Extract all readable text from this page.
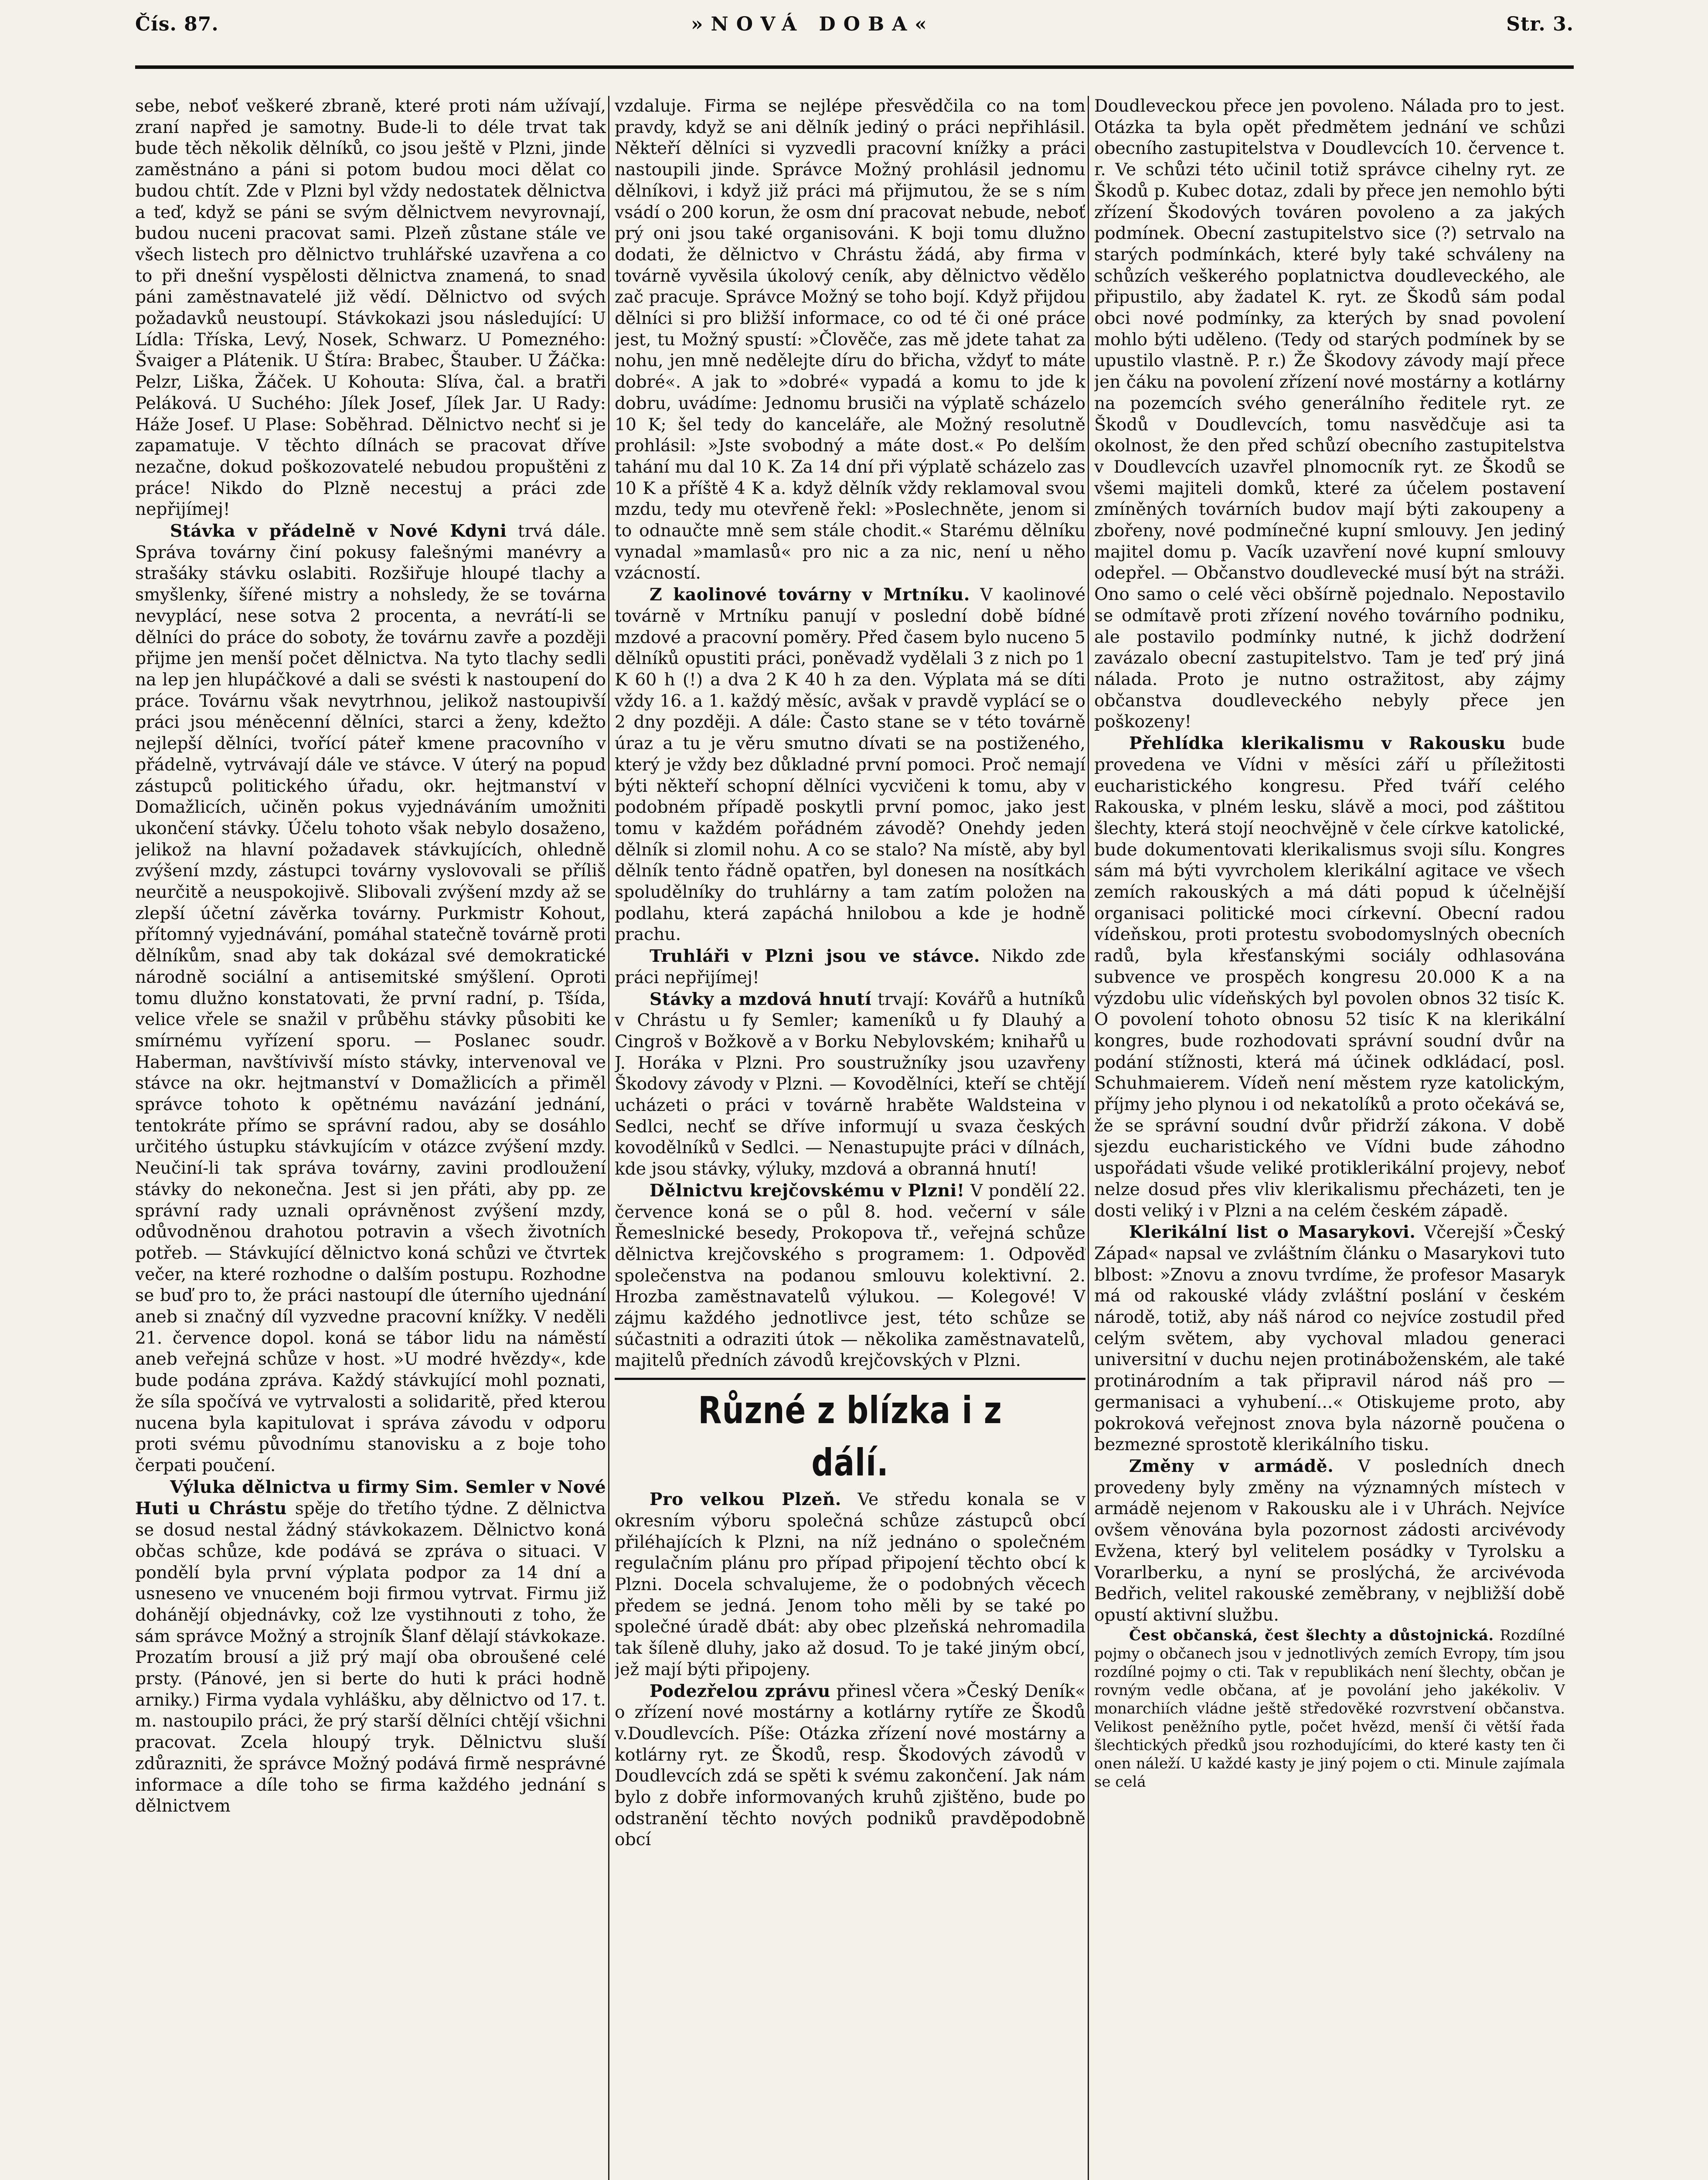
Čís. 87.	»NOVÁ DOBA«	Str. 3.

sebe, neboť veškeré zbraně, které proti nám užívají, zraní napřed je samotny. Bude-li to déle trvat tak bude těch několik dělníků, co jsou ještě v Plzni, jinde zaměstnáno a páni si potom budou moci dělat co budou chtít. Zde v Plzni byl vždy nedostatek dělnictva a teď, když se páni se svým dělnictvem nevyrovnají, budou nuceni pracovat sami. Plzeň zůstane stále ve všech listech pro dělnictvo truhlářské uzavřena a co to při dnešní vyspělosti dělnictva znamená, to snad páni zaměstnavatelé již vědí. Dělnictvo od svých požadavků neustoupí. Stávkokazi jsou následující: U Lídla: Tříska, Levý, Nosek, Schwarz. U Pomezného: Švaiger a Plátenik. U Štíra: Brabec, Štauber. U Žáčka: Pelzr, Liška, Žáček. U Kohouta: Slíva, čal. a bratři Peláková. U Suchého: Jílek Josef, Jílek Jar. U Rady: Háže Josef. U Plase: Soběhrad. Dělnictvo nechť si je zapamatuje. V těchto dílnách se pracovat dříve nezačne, dokud poškozovatelé nebudou propuštěni z práce! Nikdo do Plzně necestuj a práci zde nepřijímej!

Stávka v přádelně v Nové Kdyni trvá dále. Správa továrny činí pokusy falešnými manévry a strašáky stávku oslabiti. Rozšiřuje hloupé tlachy a smyšlenky, šířené mistry a nohsledy, že se továrna nevyplácí, nese sotva 2 procenta, a nevrátí-li se dělníci do práce do soboty, že továrnu zavře a později přijme jen menší počet dělnictva. Na tyto tlachy sedli na lep jen hlupáčkové a dali se svésti k nastoupení do práce. Továrnu však nevytrhnou, jelikož nastoupivší práci jsou méněcenní dělníci, starci a ženy, kdežto nejlepší dělníci, tvořící páteř kmene pracovního v přádelně, vytrvávají dále ve stávce. V úterý na popud zástupců politického úřadu, okr. hejtmanství v Domažlicích, učiněn pokus vyjednáváním umožniti ukončení stávky. Účelu tohoto však nebylo dosaženo, jelikož na hlavní požadavek stávkujících, ohledně zvýšení mzdy, zástupci továrny vyslovovali se příliš neurčitě a neuspokojivě. Slibovali zvýšení mzdy až se zlepší účetní závěrka továrny. Purkmistr Kohout, přítomný vyjednávání, pomáhal statečně továrně proti dělníkům, snad aby tak dokázal své demokratické národně sociální a antisemitské smýšlení. Oproti tomu dlužno konstatovati, že první radní, p. Tšída, velice vřele se snažil v průběhu stávky působiti ke smírnému vyřízení sporu. — Poslanec soudr. Haberman, navštívivší místo stávky, intervenoval ve stávce na okr. hejtmanství v Domažlicích a přiměl správce tohoto k opětnému navázání jednání, tentokráte přímo se správní radou, aby se dosáhlo určitého ústupku stávkujícím v otázce zvýšení mzdy. Neučiní-li tak správa továrny, zavini prodloužení stávky do nekonečna. Jest si jen přáti, aby pp. ze správní rady uznali oprávněnost zvýšení mzdy, odůvodněnou drahotou potravin a všech životních potřeb. — Stávkující dělnictvo koná schůzi ve čtvrtek večer, na které rozhodne o dalším postupu. Rozhodne se buď pro to, že práci nastoupí dle úterního ujednání aneb si značný díl vyzvedne pracovní knížky. V neděli 21. července dopol. koná se tábor lidu na náměstí aneb veřejná schůze v host. »U modré hvězdy«, kde bude podána zpráva. Každý stávkující mohl poznati, že síla spočívá ve vytrvalosti a solidaritě, před kterou nucena byla kapitulovat i správa závodu v odporu proti svému původnímu stanovisku a z boje toho čerpati poučení.

Výluka dělnictva u firmy Sim. Semler v Nové Huti u Chrástu spěje do třetího týdne. Z dělnictva se dosud nestal žádný stávkokazem. Dělnictvo koná občas schůze, kde podává se zpráva o situaci. V pondělí byla první výplata podpor za 14 dní a usneseno ve vnuceném boji firmou vytrvat. Firmu již dohánějí objednávky, což lze vystihnouti z toho, že sám správce Možný a strojník Šlanf dělají stávkokaze. Prozatím brousí a již prý mají oba obroušené celé prsty. (Pánové, jen si berte do huti k práci hodně arniky.) Firma vydala vyhlášku, aby dělnictvo od 17. t. m. nastoupilo práci, že prý starší dělníci chtějí všichni pracovat. Zcela hloupý tryk. Dělnictvu sluší zdůrazniti, že správce Možný podává firmě nesprávné informace a díle toho se firma každého jednání s dělnictvem

vzdaluje. Firma se nejlépe přesvědčila co na tom pravdy, když se ani dělník jediný o práci nepřihlásil. Někteří dělníci si vyzvedli pracovní knížky a práci nastoupili jinde. Správce Možný prohlásil jednomu dělníkovi, i když již práci má přijmutou, že se s ním vsádí o 200 korun, že osm dní pracovat nebude, neboť prý oni jsou také organisováni. K boji tomu dlužno dodati, že dělnictvo v Chrástu žádá, aby firma v továrně vyvěsila úkolový ceník, aby dělnictvo vědělo zač pracuje. Správce Možný se toho bojí. Když přijdou dělníci si pro bližší informace, co od té či oné práce jest, tu Možný spustí: »Člověče, zas mě jdete tahat za nohu, jen mně nedělejte díru do břicha, vždyť to máte dobré«. A jak to »dobré« vypadá a komu to jde k dobru, uvádíme: Jednomu brusiči na výplatě scházelo 10 K; šel tedy do kanceláře, ale Možný resolutně prohlásil: »Jste svobodný a máte dost.« Po delším tahání mu dal 10 K. Za 14 dní při výplatě scházelo zas 10 K a příště 4 K a. když dělník vždy reklamoval svou mzdu, tedy mu otevřeně řekl: »Poslechněte, jenom si to odnaučte mně sem stále chodit.« Starému dělníku vynadal »mamlasů« pro nic a za nic, není u něho vzácností.

Z kaolinové továrny v Mrtníku. V kaolinové továrně v Mrtníku panují v poslední době bídné mzdové a pracovní poměry. Před časem bylo nuceno 5 dělníků opustiti práci, poněvadž vydělali 3 z nich po 1 K 60 h (!) a dva 2 K 40 h za den. Výplata má se díti vždy 16. a 1. každý měsíc, avšak v pravdě vyplácí se o 2 dny později. A dále: Často stane se v této továrně úraz a tu je věru smutno dívati se na postiženého, který je vždy bez důkladné první pomoci. Proč nemají býti někteří schopní dělníci vycvičeni k tomu, aby v podobném případě poskytli první pomoc, jako jest tomu v každém pořádném závodě? Onehdy jeden dělník si zlomil nohu. A co se stalo? Na místě, aby byl dělník tento řádně opatřen, byl donesen na nosítkách spoludělníky do truhlárny a tam zatím položen na podlahu, která zapáchá hnilobou a kde je hodně prachu.

Truhláři v Plzni jsou ve stávce. Nikdo zde práci nepřijímej!

Stávky a mzdová hnutí trvají: Kovářů a hutníků v Chrástu u fy Semler; kameníků u fy Dlauhý a Cingroš v Božkově a v Borku Nebylovském; knihařů u J. Horáka v Plzni. Pro soustružníky jsou uzavřeny Škodovy závody v Plzni. — Kovodělníci, kteří se chtějí ucházeti o práci v továrně hraběte Waldsteina v Sedlci, nechť se dříve informují u svaza českých kovodělníků v Sedlci. — Nenastupujte práci v dílnách, kde jsou stávky, výluky, mzdová a obranná hnutí!

Dělnictvu krejčovskému v Plzni! V pondělí 22. července koná se o půl 8. hod. večerní v sále Řemeslnické besedy, Prokopova tř., veřejná schůze dělnictva krejčovského s programem: 1. Odpověď společenstva na podanou smlouvu kolektivní. 2. Hrozba zaměstnavatelů výlukou. — Kolegové! V zájmu každého jednotlivce jest, této schůze se súčastniti a odraziti útok — několika zaměstnavatelů, majitelů předních závodů krejčovských v Plzni.

Různé z blízka i z dálí.

Pro velkou Plzeň. Ve středu konala se v okresním výboru společná schůze zástupců obcí přiléhajících k Plzni, na níž jednáno o společném regulačním plánu pro případ připojení těchto obcí k Plzni. Docela schvalujeme, že o podobných věcech předem se jedná. Jenom toho měli by se také po společné úradě dbát: aby obec plzeňská nehromadila tak šíleně dluhy, jako až dosud. To je také jiným obcí, jež mají býti připojeny.

Podezřelou zprávu přinesl včera »Český Deník« o zřízení nové mostárny a kotlárny rytíře ze Škodů v.Doudlevcích. Píše: Otázka zřízení nové mostárny a kotlárny ryt. ze Škodů, resp. Škodových závodů v Doudlevcích zdá se spěti k svému zakončení. Jak nám bylo z dobře informovaných kruhů zjištěno, bude po odstranění těchto nových podniků pravděpodobně obcí

Doudleveckou přece jen povoleno. Nálada pro to jest. Otázka ta byla opět předmětem jednání ve schůzi obecního zastupitelstva v Doudlevcích 10. července t. r. Ve schůzi této učinil totiž správce cihelny ryt. ze Škodů p. Kubec dotaz, zdali by přece jen nemohlo býti zřízení Škodových továren povoleno a za jakých podmínek. Obecní zastupitelstvo sice (?) setrvalo na starých podmínkách, které byly také schváleny na schůzích veškerého poplatnictva doudleveckého, ale připustilo, aby žadatel K. ryt. ze Škodů sám podal obci nové podmínky, za kterých by snad povolení mohlo býti uděleno. (Tedy od starých podmínek by se upustilo vlastně. P. r.) Že Škodovy závody mají přece jen čáku na povolení zřízení nové mostárny a kotlárny na pozemcích svého generálního ředitele ryt. ze Škodů v Doudlevcích, tomu nasvědčuje asi ta okolnost, že den před schůzí obecního zastupitelstva v Doudlevcích uzavřel plnomocník ryt. ze Škodů se všemi majiteli domků, které za účelem postavení zmíněných továrních budov mají býti zakoupeny a zbořeny, nové podmínečné kupní smlouvy. Jen jediný majitel domu p. Vacík uzavření nové kupní smlouvy odepřel. — Občanstvo doudlevecké musí být na stráži. Ono samo o celé věci obšírně pojednalo. Nepostavilo se odmítavě proti zřízení nového továrního podniku, ale postavilo podmínky nutné, k jichž dodržení zavázalo obecní zastupitelstvo. Tam je teď prý jiná nálada. Proto je nutno ostražitost, aby zájmy občanstva doudleveckého nebyly přece jen poškozeny!

Přehlídka klerikalismu v Rakousku bude provedena ve Vídni v měsíci září u příležitosti eucharistického kongresu. Před tváří celého Rakouska, v plném lesku, slávě a moci, pod záštitou šlechty, která stojí neochvějně v čele církve katolické, bude dokumentovati klerikalismus svoji sílu. Kongres sám má býti vyvrcholem klerikální agitace ve všech zemích rakouských a má dáti popud k účelnější organisaci politické moci církevní. Obecní radou vídeňskou, proti protestu svobodomyslných obecních radů, byla křesťanskými sociály odhlasována subvence ve prospěch kongresu 20.000 K a na výzdobu ulic vídeňských byl povolen obnos 32 tisíc K. O povolení tohoto obnosu 52 tisíc K na klerikální kongres, bude rozhodovati správní soudní dvůr na podání stížnosti, která má účinek odkládací, posl. Schuhmaierem. Vídeň není městem ryze katolickým, příjmy jeho plynou i od nekatolíků a proto očekává se, že se správní soudní dvůr přidrží zákona. V době sjezdu eucharistického ve Vídni bude záhodno uspořádati všude veliké protiklerikální projevy, neboť nelze dosud přes vliv klerikalismu přecházeti, ten je dosti veliký i v Plzni a na celém českém západě.

Klerikální list o Masarykovi. Včerejší »Český Západ« napsal ve zvláštním článku o Masarykovi tuto blbost: »Znovu a znovu tvrdíme, že profesor Masaryk má od rakouské vlády zvláštní poslání v českém národě, totiž, aby náš národ co nejvíce zostudil před celým světem, aby vychoval mladou generaci universitní v duchu nejen protináboženském, ale také protinárodním a tak připravil národ náš pro — germanisaci a vyhubení...« Otiskujeme proto, aby pokroková veřejnost znova byla názorně poučena o bezmezné sprostotě klerikálního tisku.

Změny v armádě. V posledních dnech provedeny byly změny na významných místech v armádě nejenom v Rakousku ale i v Uhrách. Nejvíce ovšem věnována byla pozornost zádosti arcivévody Evžena, který byl velitelem posádky v Tyrolsku a Vorarlberku, a nyní se proslýchá, že arcivévoda Bedřich, velitel rakouské zeměbrany, v nejbližší době opustí aktivní službu.

Čest občanská, čest šlechty a důstojnická. Rozdílné pojmy o občanech jsou v jednotlivých zemích Evropy, tím jsou rozdílné pojmy o cti. Tak v republikách není šlechty, občan je rovným vedle občana, ať je povolání jeho jakékoliv. V monarchiích vládne ještě středověké rozvrstvení občanstva. Velikost peněžního pytle, počet hvězd, menší či větší řada šlechtických předků jsou rozhodujícími, do které kasty ten či onen náleží. U každé kasty je jiný pojem o cti. Minule zajímala se celá
